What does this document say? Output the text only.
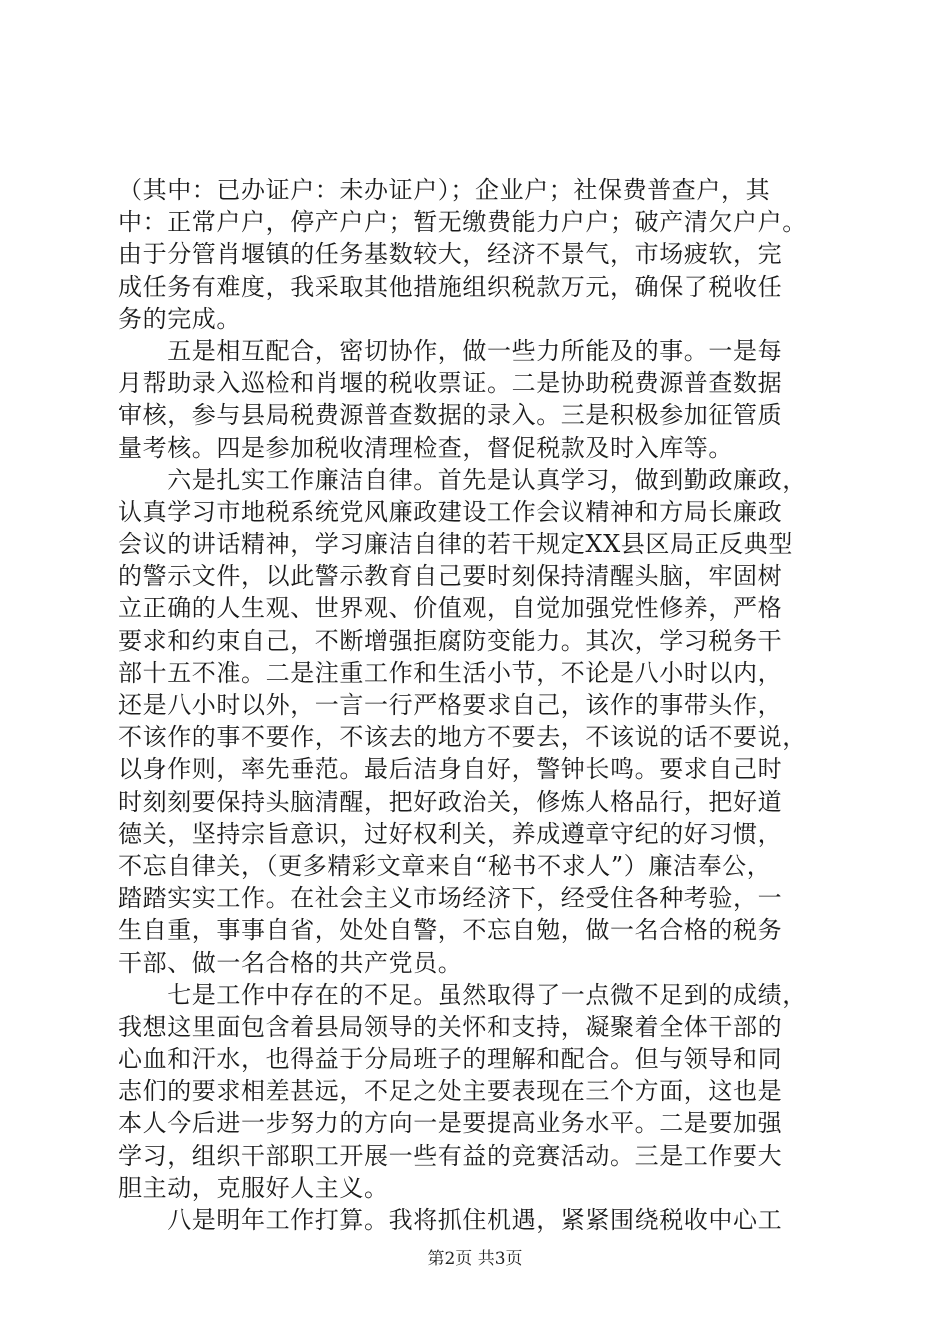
（其中：已办证户：未办证户）；企业户；社保费普查户，其
中：正常户户，停产户户；暂无缴费能力户户；破产清欠户户。
由于分管肖堰镇的任务基数较大，经济不景气，市场疲软，完
成任务有难度，我采取其他措施组织税款万元，确保了税收任
务的完成。
　　五是相互配合，密切协作，做一些力所能及的事。一是每
月帮助录入巡检和肖堰的税收票证。二是协助税费源普查数据
审核，参与县局税费源普查数据的录入。三是积极参加征管质
量考核。四是参加税收清理检查，督促税款及时入库等。
　　六是扎实工作廉洁自律。首先是认真学习，做到勤政廉政，
认真学习市地税系统党风廉政建设工作会议精神和方局长廉政
会议的讲话精神，学习廉洁自律的若干规定XX县区局正反典型
的警示文件，以此警示教育自己要时刻保持清醒头脑，牢固树
立正确的人生观、世界观、价值观，自觉加强党性修养，严格
要求和约束自己，不断增强拒腐防变能力。其次，学习税务干
部十五不准。二是注重工作和生活小节，不论是八小时以内，
还是八小时以外，一言一行严格要求自己，该作的事带头作，
不该作的事不要作，不该去的地方不要去，不该说的话不要说，
以身作则，率先垂范。最后洁身自好，警钟长鸣。要求自己时
时刻刻要保持头脑清醒，把好政治关，修炼人格品行，把好道
德关，坚持宗旨意识，过好权利关，养成遵章守纪的好习惯，
不忘自律关，（更多精彩文章来自“秘书不求人”）廉洁奉公，
踏踏实实工作。在社会主义市场经济下，经受住各种考验，一
生自重，事事自省，处处自警，不忘自勉，做一名合格的税务
干部、做一名合格的共产党员。
　　七是工作中存在的不足。虽然取得了一点微不足到的成绩，
我想这里面包含着县局领导的关怀和支持，凝聚着全体干部的
心血和汗水，也得益于分局班子的理解和配合。但与领导和同
志们的要求相差甚远，不足之处主要表现在三个方面，这也是
本人今后进一步努力的方向一是要提高业务水平。二是要加强
学习，组织干部职工开展一些有益的竞赛活动。三是工作要大
胆主动，克服好人主义。
　　八是明年工作打算。我将抓住机遇，紧紧围绕税收中心工
第2页 共3页
